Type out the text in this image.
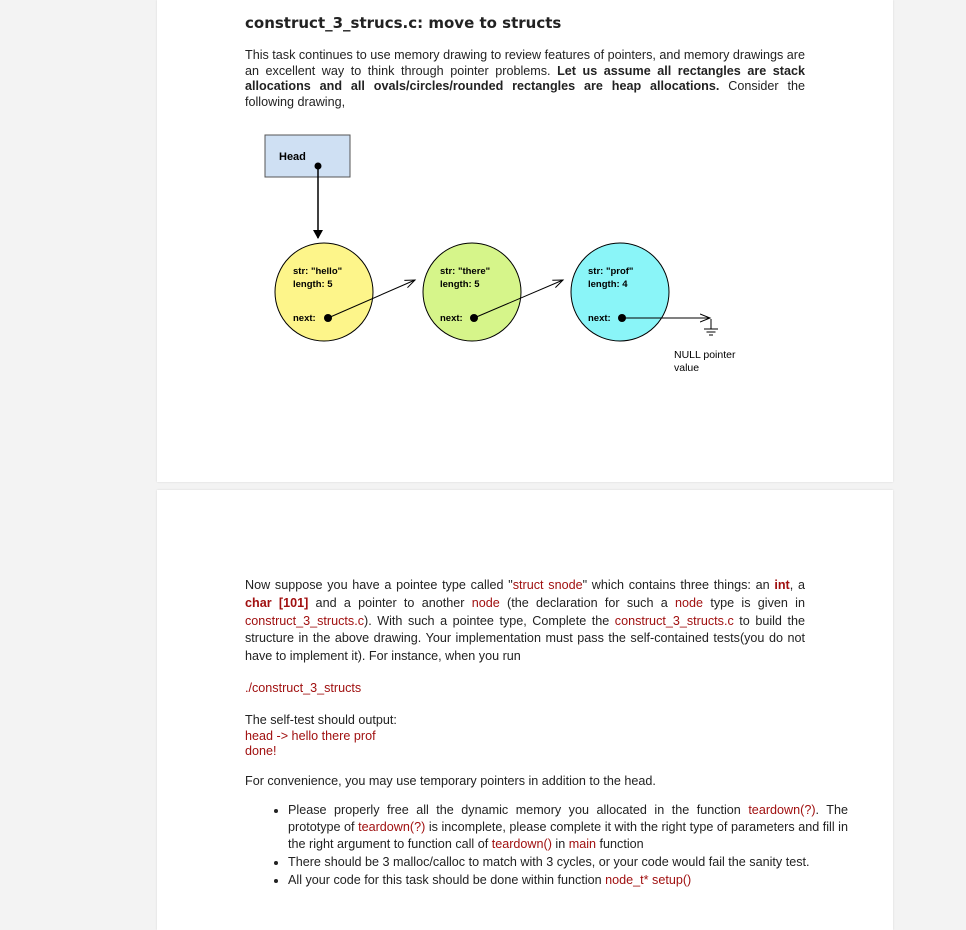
construct_3_strucs.c: move to structs
This task continues to use memory drawing to review features of pointers, and memory drawings are an excellent way to think through pointer problems. Let us assume all rectangles are stack allocations and all ovals/circles/rounded rectangles are heap allocations. Consider the following drawing,
Head
str: "hello"
length: 5
next:
str: "there"
length: 5
next:
str: "prof"
length: 4
next:
NULL pointer
value
Now suppose you have a pointee type called "struct snode" which contains three things: an int, a char [101] and a pointer to another node (the declaration for such a node type is given in construct_3_structs.c). With such a pointee type, Complete the construct_3_structs.c to build the structure in the above drawing. Your implementation must pass the self-contained tests(you do not have to implement it). For instance, when you run
./construct_3_structs
The self-test should output:
head -> hello there prof
done!
For convenience, you may use temporary pointers in addition to the head.
• Please properly free all the dynamic memory you allocated in the function teardown(?). The prototype of teardown(?) is incomplete, please complete it with the right type of parameters and fill in the right argument to function call of teardown() in main function
• There should be 3 malloc/calloc to match with 3 cycles, or your code would fail the sanity test.
• All your code for this task should be done within function node_t* setup()
